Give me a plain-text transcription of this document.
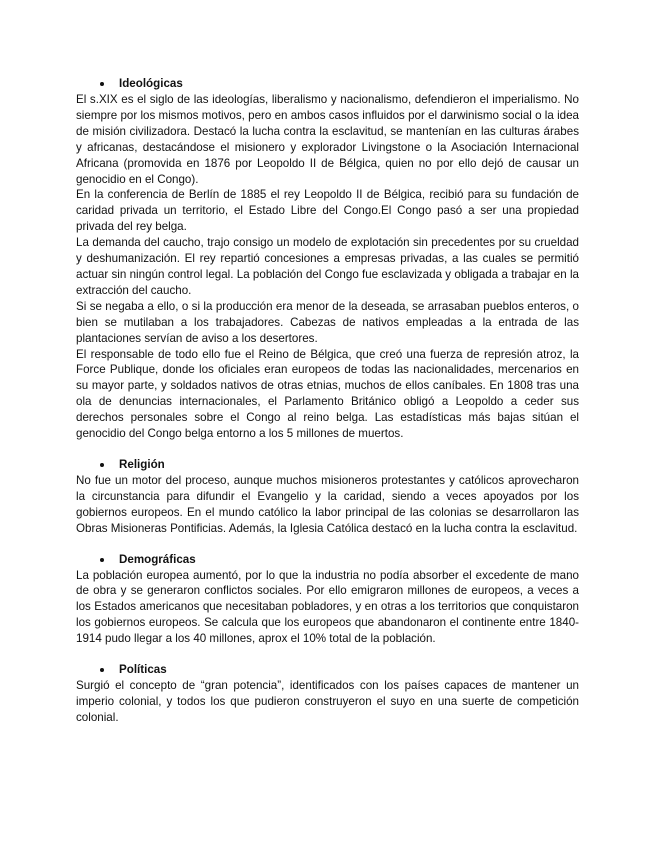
Ideológicas

El s.XIX es el siglo de las ideologías, liberalismo y nacionalismo, defendieron el imperialismo. No siempre por los mismos motivos, pero en ambos casos influidos por el darwinismo social o la idea de misión civilizadora. Destacó la lucha contra la esclavitud, se mantenían en las culturas árabes y africanas, destacándose el misionero y explorador Livingstone o la Asociación Internacional Africana (promovida en 1876 por Leopoldo II de Bélgica, quien no por ello dejó de causar un genocidio en el Congo).

En la conferencia de Berlín de 1885 el rey Leopoldo II de Bélgica, recibió para su fundación de caridad privada un territorio, el Estado Libre del Congo.El Congo pasó a ser una propiedad privada del rey belga.

La demanda del caucho, trajo consigo un modelo de explotación sin precedentes por su crueldad y deshumanización. El rey repartió concesiones a empresas privadas, a las cuales se permitió actuar sin ningún control legal. La población del Congo fue esclavizada y obligada a trabajar en la extracción del caucho.

Si se negaba a ello, o si la producción era menor de la deseada, se arrasaban pueblos enteros, o bien se mutilaban a los trabajadores. Cabezas de nativos empleadas a la entrada de las plantaciones servían de aviso a los desertores.

El responsable de todo ello fue el Reino de Bélgica, que creó una fuerza de represión atroz, la Force Publique, donde los oficiales eran europeos de todas las nacionalidades, mercenarios en su mayor parte, y soldados nativos de otras etnias, muchos de ellos caníbales. En 1808 tras una ola de denuncias internacionales, el Parlamento Británico obligó a Leopoldo a ceder sus derechos personales sobre el Congo al reino belga. Las estadísticas más bajas sitúan el genocidio del Congo belga entorno a los 5 millones de muertos.

Religión

No fue un motor del proceso, aunque muchos misioneros protestantes y católicos aprovecharon la circunstancia para difundir el Evangelio y la caridad, siendo a veces apoyados por los gobiernos europeos. En el mundo católico la labor principal de las colonias se desarrollaron las Obras Misioneras Pontificias. Además, la Iglesia Católica destacó en la lucha contra la esclavitud.

Demográficas

La población europea aumentó, por lo que la industria no podía absorber el excedente de mano de obra y se generaron conflictos sociales. Por ello emigraron millones de europeos, a veces a los Estados americanos que necesitaban pobladores, y en otras a los territorios que conquistaron los gobiernos europeos. Se calcula que los europeos que abandonaron el continente entre 1840-1914 pudo llegar a los 40 millones, aprox el 10% total de la población.

Políticas

Surgió el concepto de “gran potencia”, identificados con los países capaces de mantener un imperio colonial, y todos los que pudieron construyeron el suyo en una suerte de competición colonial.
